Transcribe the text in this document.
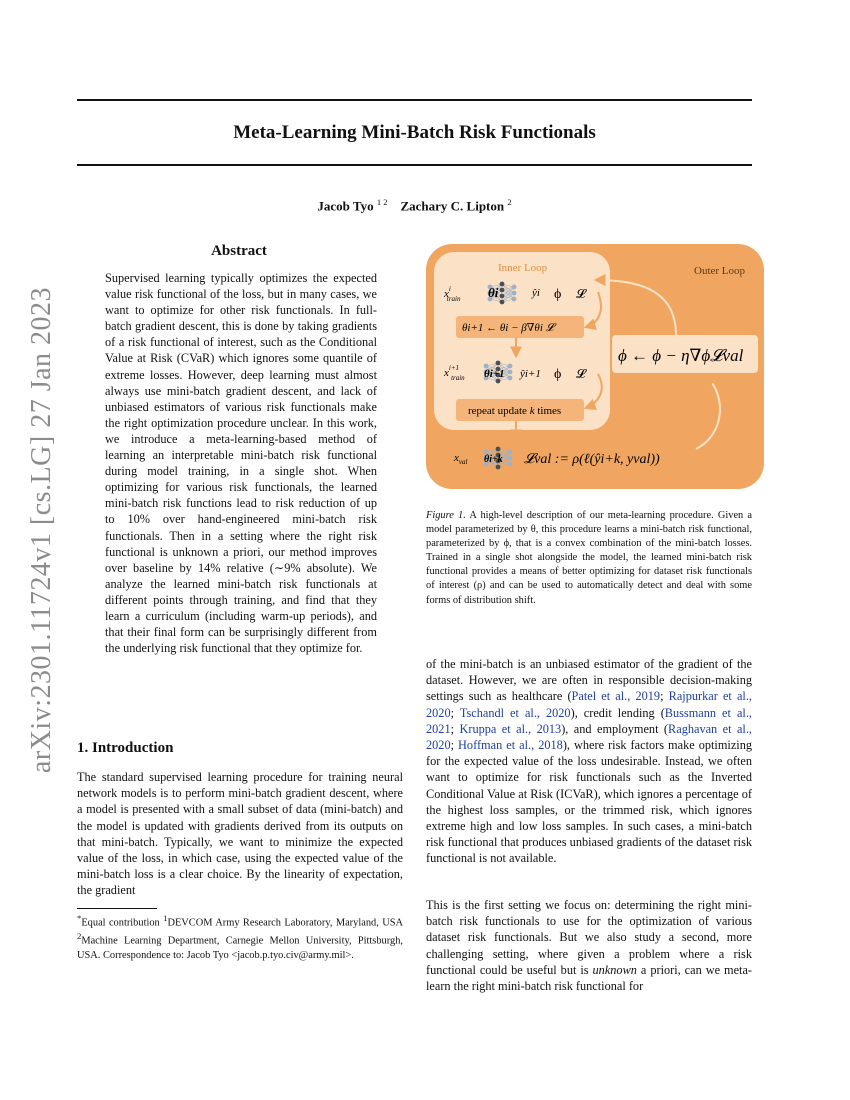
Meta-Learning Mini-Batch Risk Functionals
Jacob Tyo $^{1 2}$ Zachary C. Lipton $^2$
arXiv:2301.11724v1 [cs.LG] 27 Jan 2023
Abstract
Supervised learning typically optimizes the expected value risk functional of the loss, but in many cases, we want to optimize for other risk functionals. In full-batch gradient descent, this is done by taking gradients of a risk functional of interest, such as the Conditional Value at Risk (CVaR) which ignores some quantile of extreme losses. However, deep learning must almost always use mini-batch gradient descent, and lack of unbiased estimators of various risk functionals make the right optimization procedure unclear. In this work, we introduce a meta-learning-based method of learning an interpretable mini-batch risk functional during model training, in a single shot. When optimizing for various risk functionals, the learned mini-batch risk functions lead to risk reduction of up to 10% over hand-engineered mini-batch risk functionals. Then in a setting where the right risk functional is unknown a priori, our method improves over baseline by 14% relative (∼9% absolute). We analyze the learned mini-batch risk functionals at different points through training, and find that they learn a curriculum (including warm-up periods), and that their final form can be surprisingly different from the underlying risk functional that they optimize for.
1. Introduction
The standard supervised learning procedure for training neural network models is to perform mini-batch gradient descent, where a model is presented with a small subset of data (mini-batch) and the model is updated with gradients derived from its outputs on that mini-batch. Typically, we want to minimize the expected value of the loss, in which case, using the expected value of the mini-batch loss is a clear choice. By the linearity of expectation, the gradient
*Equal contribution $^1$DEVCOM Army Research Laboratory, Maryland, USA $^2$Machine Learning Department, Carnegie Mellon University, Pittsburgh, USA. Correspondence to: Jacob Tyo <jacob.p.tyo.civ@army.mil>.
Outer Loop
Inner Loop
$x^i$ train θi	ŷi ϕ 𝓛
θi+1 ← θi − β∇θi 𝓛
$x^{i+1}$ train θi+1 ŷi+1 ϕ 𝓛
repeat update k times
$x_{val}$ θi+k 𝓛val := ρ(ℓ(ŷi+k, yval))
ϕ ← ϕ − η∇ϕ𝓛val
Figure 1. A high-level description of our meta-learning procedure. Given a model parameterized by θ, this procedure learns a mini-batch risk functional, parameterized by ϕ, that is a convex combination of the mini-batch losses. Trained in a single shot alongside the model, the learned mini-batch risk functional provides a means of better optimizing for dataset risk functionals of interest (ρ) and can be used to automatically detect and deal with some forms of distribution shift.
of the mini-batch is an unbiased estimator of the gradient of the dataset. However, we are often in responsible decision-making settings such as healthcare (Patel et al., 2019; Rajpurkar et al., 2020; Tschandl et al., 2020), credit lending (Bussmann et al., 2021; Kruppa et al., 2013), and employment (Raghavan et al., 2020; Hoffman et al., 2018), where risk factors make optimizing for the expected value of the loss undesirable. Instead, we often want to optimize for risk functionals such as the Inverted Conditional Value at Risk (ICVaR), which ignores a percentage of the highest loss samples, or the trimmed risk, which ignores extreme high and low loss samples. In such cases, a mini-batch risk functional that produces unbiased gradients of the dataset risk functional is not available.
This is the first setting we focus on: determining the right mini-batch risk functionals to use for the optimization of various dataset risk functionals. But we also study a second, more challenging setting, where given a problem where a risk functional could be useful but is unknown a priori, can we meta-learn the right mini-batch risk functional for
